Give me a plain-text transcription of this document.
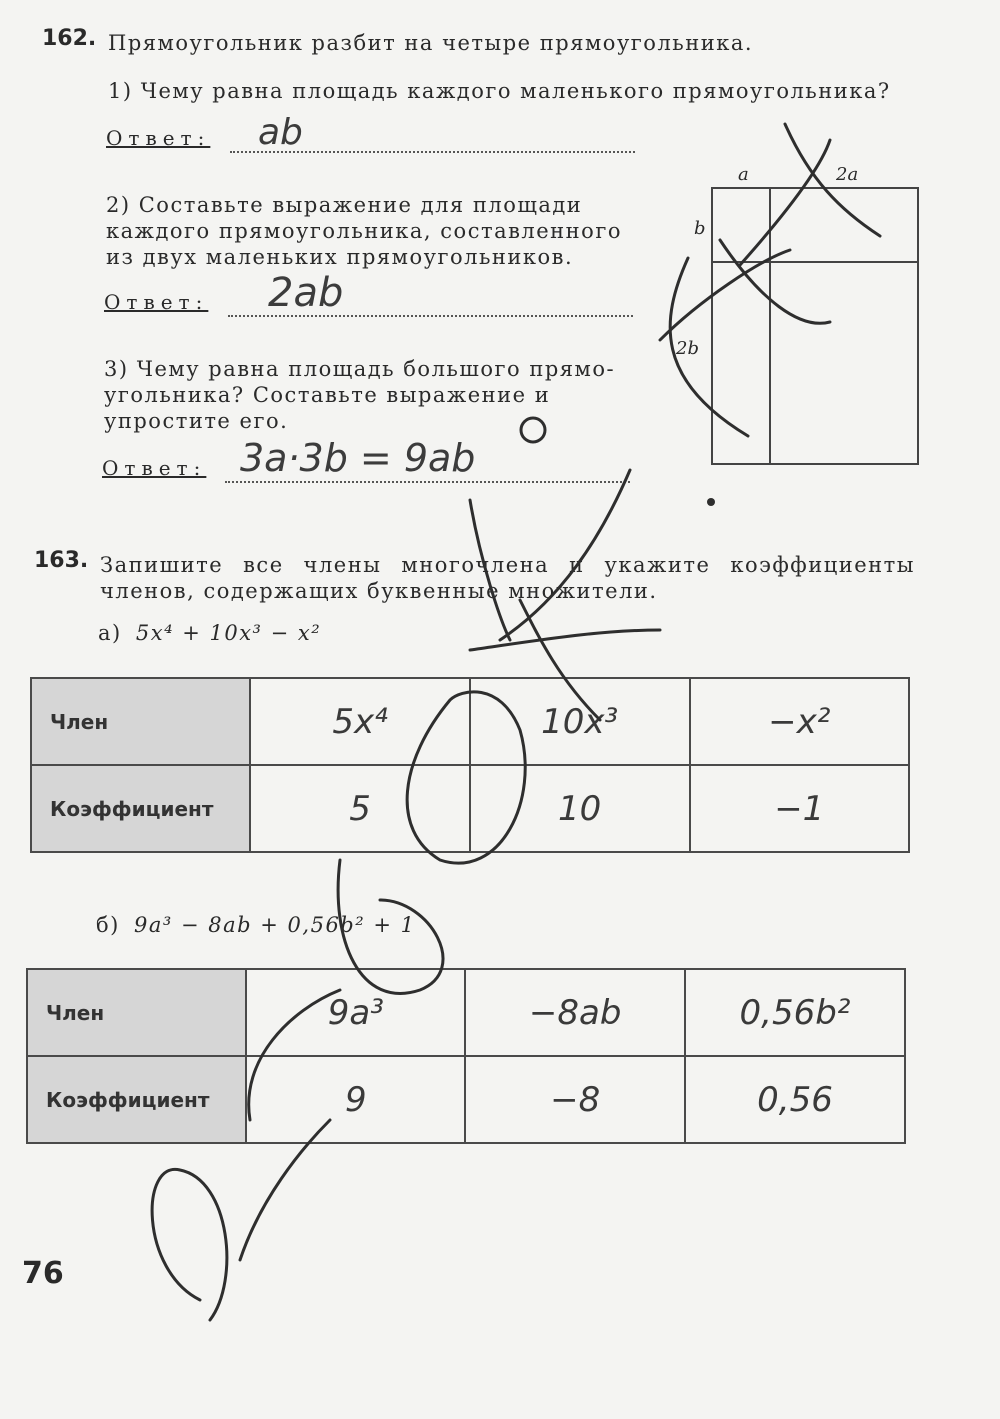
162. Прямоугольник разбит на четыре прямоугольника.
1) Чему равна площадь каждого маленького прямоугольника?
Ответ: ab
2) Составьте выражение для площади
каждого прямоугольника, составленного
из двух маленьких прямоугольников.
Ответ: 2ab
3) Чему равна площадь большого прямо-
угольника? Составьте выражение и
упростите его.
Ответ: 3a·3b = 9ab
a	2a
b
2b
163. Запишите все члены многочлена и укажите коэффициенты
членов, содержащих буквенные множители.
а) 5x⁴ + 10x³ − x²
Член	5x⁴	10x³	−x²
Коэффициент	5	10	−1
б) 9a³ − 8ab + 0,56b² + 1
Член	9a³	−8ab	0,56b²
Коэффициент	9	−8	0,56
76
